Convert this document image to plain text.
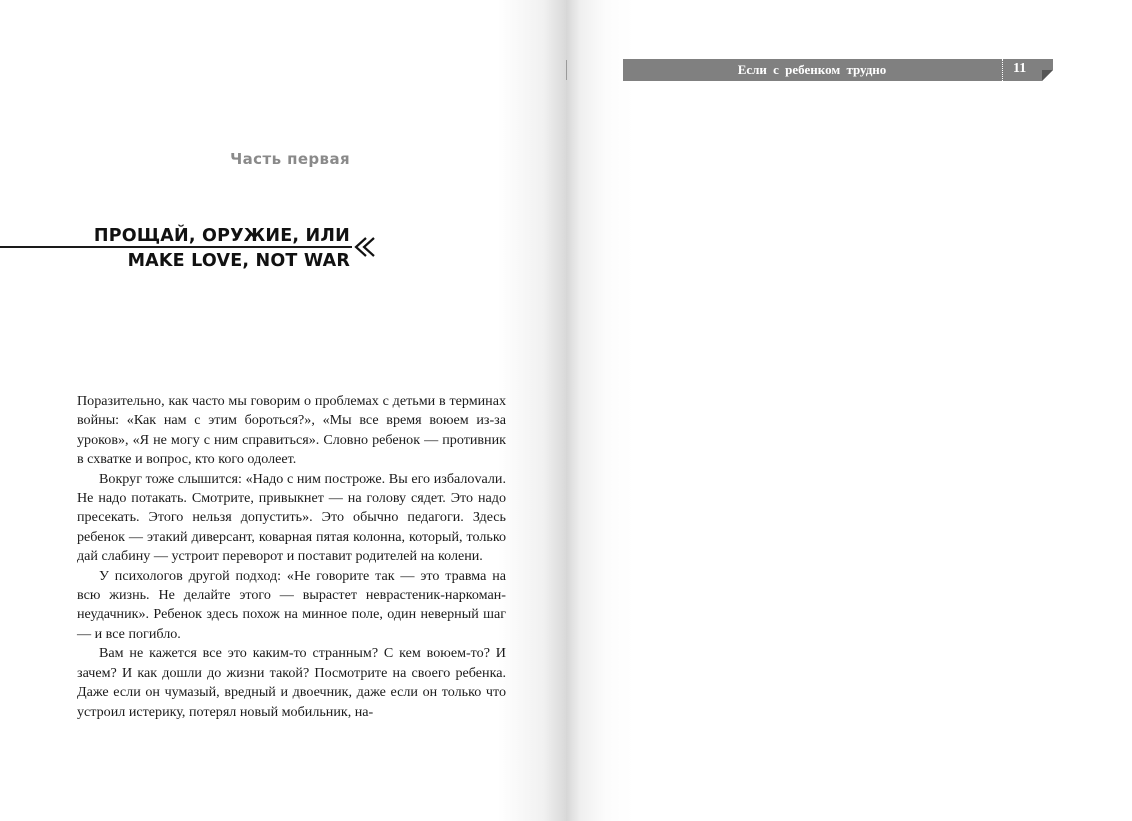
Часть первая
ПРОЩАЙ, ОРУЖИЕ, ИЛИ
MAKE LOVE, NOT WAR

Поразительно, как часто мы говорим о проблемах с детьми в терминах войны: «Как нам с этим бороться?», «Мы все время воюем из-за уроков», «Я не могу с ним справиться». Словно ребенок — противник в схватке и вопрос, кто кого одолеет.

Вокруг тоже слышится: «Надо с ним построже. Вы его избалоvали. Не надо потакать. Смотрите, привыкнет — на голову сядет. Это надо пресекать. Этого нельзя допустить». Это обычно педагоги. Здесь ребенок — этакий диверсант, коварная пятая колонна, который, только дай слабину — устроит переворот и поставит родителей на колени.

У психологов другой подход: «Не говорите так — это травма на всю жизнь. Не делайте этого — вырастет неврастеник-наркоман-неудачник». Ребенок здесь похож на минное поле, один неверный шаг — и все погибло.

Вам не кажется все это каким-то странным? С кем воюем-то? И зачем? И как дошли до жизни такой? Посмотрите на своего ребенка. Даже если он чумазый, вредный и двоечник, даже если он только что устроил истерику, потерял новый мобильник, на-

Если с ребенком трудно	11
